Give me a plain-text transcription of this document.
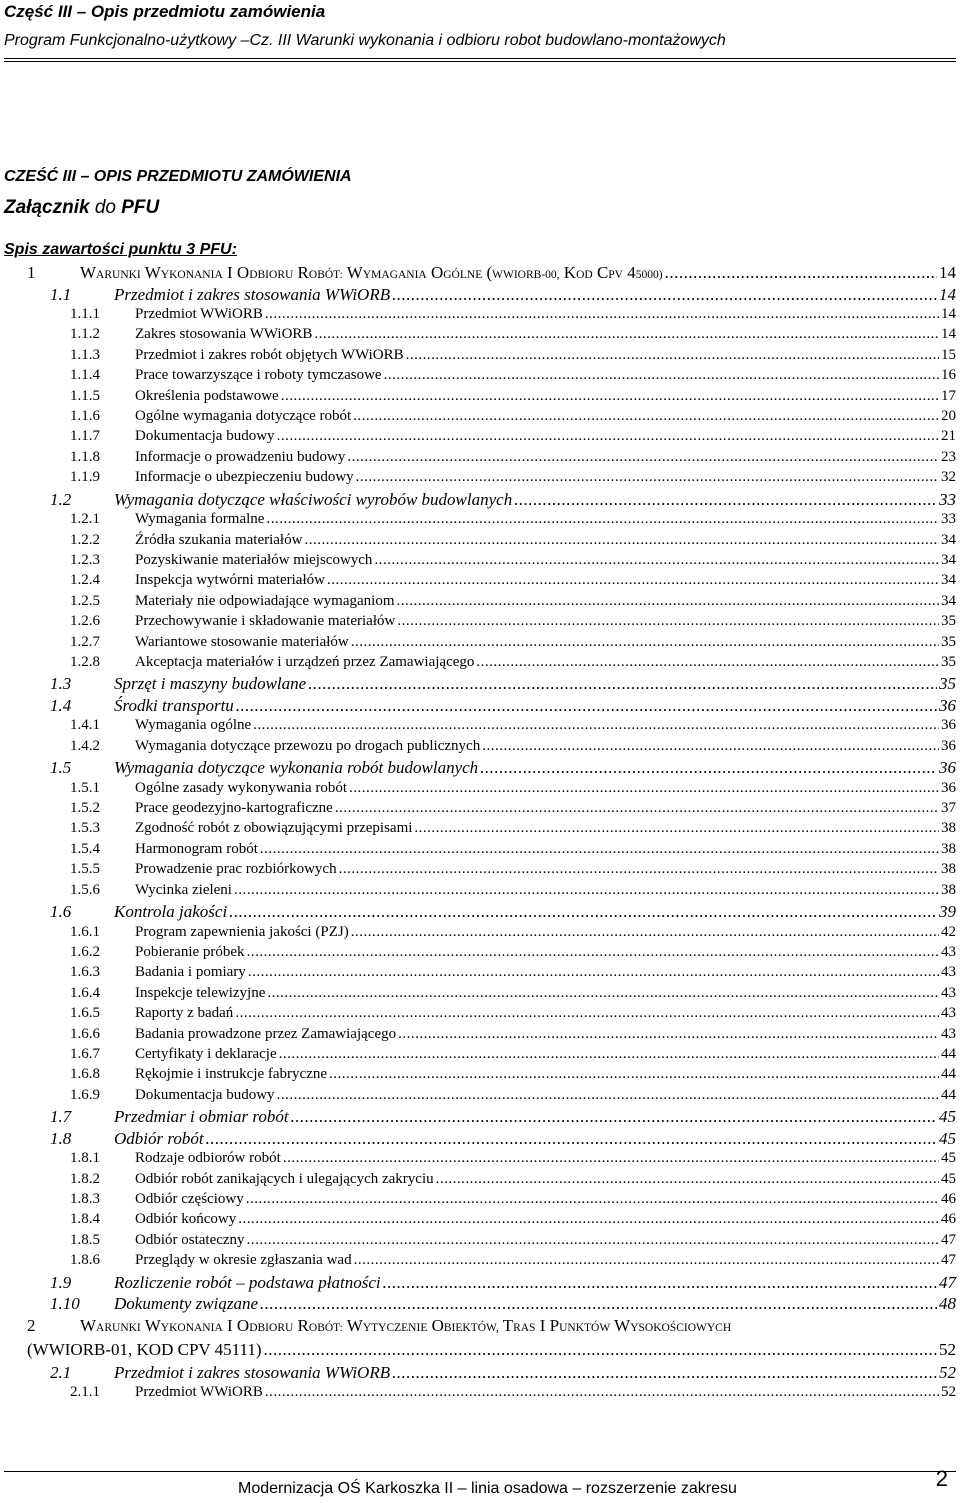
Część III – Opis przedmiotu zamówienia
Program Funkcjonalno-użytkowy –Cz. III Warunki wykonania i odbioru robot budowlano-montażowych
CZEŚĆ III – OPIS PRZEDMIOTU ZAMÓWIENIA
Załącznik do PFU
Spis zawartości punktu 3 PFU:
1	WARUNKI WYKONANIA I ODBIORU ROBÓT: WYMAGANIA OGÓLNE (WWIORB-00, KOD CPV 45000) .....	14
1.1	Przedmiot i zakres stosowania WWiORB .....	14
1.1.1	Przedmiot WWiORB .....	14
1.1.2	Zakres stosowania WWiORB .....	14
1.1.3	Przedmiot i zakres robót objętych WWiORB .....	15
1.1.4	Prace towarzyszące i roboty tymczasowe .....	16
1.1.5	Określenia podstawowe .....	17
1.1.6	Ogólne wymagania dotyczące robót .....	20
1.1.7	Dokumentacja budowy .....	21
1.1.8	Informacje o prowadzeniu budowy .....	23
1.1.9	Informacje o ubezpieczeniu budowy .....	32
1.2	Wymagania dotyczące właściwości wyrobów budowlanych .....	33
1.2.1	Wymagania formalne .....	33
1.2.2	Źródła szukania materiałów .....	34
1.2.3	Pozyskiwanie materiałów miejscowych .....	34
1.2.4	Inspekcja wytwórni materiałów .....	34
1.2.5	Materiały nie odpowiadające wymaganiom .....	34
1.2.6	Przechowywanie i składowanie materiałów .....	35
1.2.7	Wariantowe stosowanie materiałów .....	35
1.2.8	Akceptacja materiałów i urządzeń przez Zamawiającego .....	35
1.3	Sprzęt i maszyny budowlane .....	35
1.4	Środki transportu .....	36
1.4.1	Wymagania ogólne .....	36
1.4.2	Wymagania dotyczące przewozu po drogach publicznych .....	36
1.5	Wymagania dotyczące wykonania robót budowlanych .....	36
1.5.1	Ogólne zasady wykonywania robót .....	36
1.5.2	Prace geodezyjno-kartograficzne .....	37
1.5.3	Zgodność robót z obowiązującymi przepisami .....	38
1.5.4	Harmonogram robót .....	38
1.5.5	Prowadzenie prac rozbiórkowych .....	38
1.5.6	Wycinka zieleni .....	38
1.6	Kontrola jakości .....	39
1.6.1	Program zapewnienia jakości (PZJ) .....	42
1.6.2	Pobieranie próbek .....	43
1.6.3	Badania i pomiary .....	43
1.6.4	Inspekcje telewizyjne .....	43
1.6.5	Raporty z badań .....	43
1.6.6	Badania prowadzone przez Zamawiającego .....	43
1.6.7	Certyfikaty i deklaracje .....	44
1.6.8	Rękojmie i instrukcje fabryczne .....	44
1.6.9	Dokumentacja budowy .....	44
1.7	Przedmiar i obmiar robót .....	45
1.8	Odbiór robót .....	45
1.8.1	Rodzaje odbiorów robót .....	45
1.8.2	Odbiór robót zanikających i ulegających zakryciu .....	45
1.8.3	Odbiór częściowy .....	46
1.8.4	Odbiór końcowy .....	46
1.8.5	Odbiór ostateczny .....	47
1.8.6	Przeglądy w okresie zgłaszania wad .....	47
1.9	Rozliczenie robót – podstawa płatności .....	47
1.10	Dokumenty związane .....	48
2	WARUNKI WYKONANIA I ODBIORU ROBÓT: WYTYCZENIE OBIEKTÓW, TRAS I PUNKTÓW WYSOKOŚCIOWYCH
(WWIORB-01, KOD CPV 45111) .....	52
2.1	Przedmiot i zakres stosowania WWiORB .....	52
2.1.1	Przedmiot WWiORB .....	52
Modernizacja OŚ Karkoszka II – linia osadowa – rozszerzenie zakresu	2
